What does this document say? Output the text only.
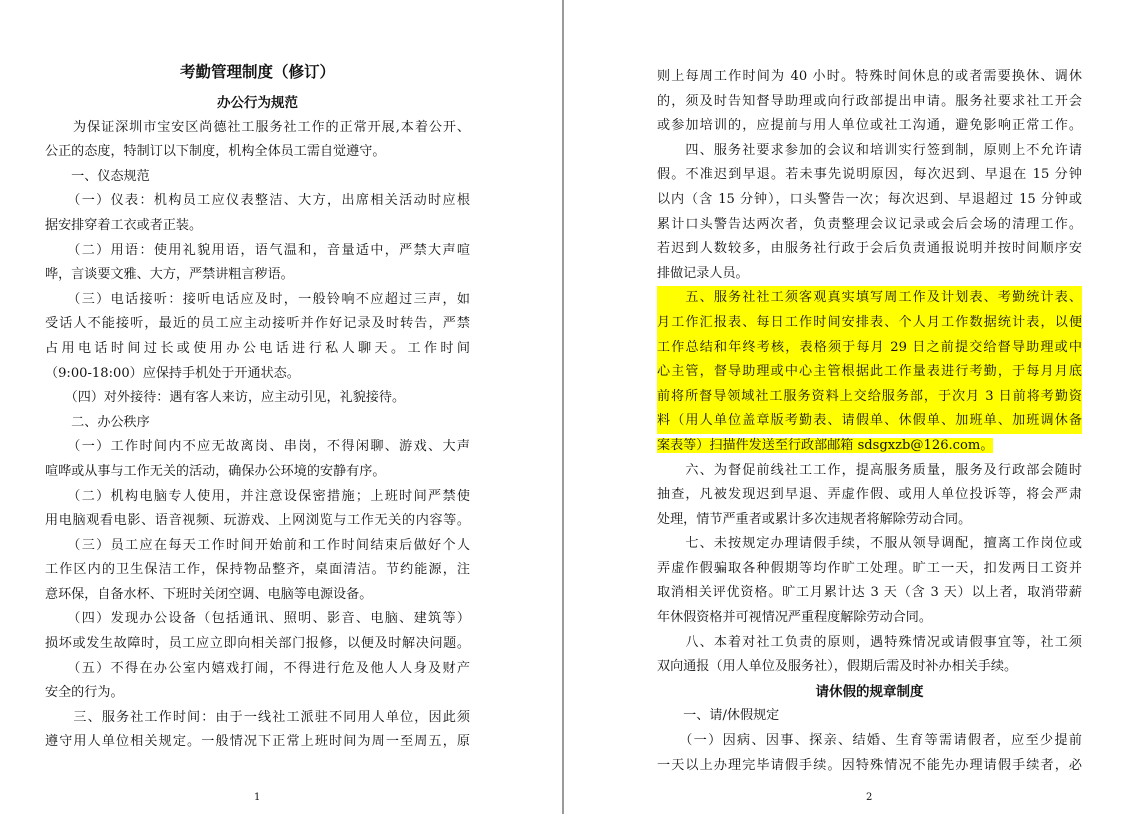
考勤管理制度（修订）
办公行为规范
　　为保证深圳市宝安区尚德社工服务社工作的正常开展,本着公开、
公正的态度，特制订以下制度，机构全体员工需自觉遵守。
　　一、仪态规范
　　（一）仪表：机构员工应仪表整洁、大方，出席相关活动时应根
据安排穿着工衣或者正装。
　　（二）用语：使用礼貌用语，语气温和，音量适中，严禁大声喧
哗，言谈要文雅、大方，严禁讲粗言秽语。
　　（三）电话接听：接听电话应及时，一般铃响不应超过三声，如
受话人不能接听，最近的员工应主动接听并作好记录及时转告，严禁
占用电话时间过长或使用办公电话进行私人聊天。工作时间
（9:00-18:00）应保持手机处于开通状态。
　　（四）对外接待：遇有客人来访，应主动引见，礼貌接待。
　　二、办公秩序
　　（一）工作时间内不应无故离岗、串岗，不得闲聊、游戏、大声
喧哗或从事与工作无关的活动，确保办公环境的安静有序。
　　（二）机构电脑专人使用，并注意设保密措施；上班时间严禁使
用电脑观看电影、语音视频、玩游戏、上网浏览与工作无关的内容等。
　　（三）员工应在每天工作时间开始前和工作时间结束后做好个人
工作区内的卫生保洁工作，保持物品整齐，桌面清洁。节约能源，注
意环保，自备水杯、下班时关闭空调、电脑等电源设备。
　　（四）发现办公设备（包括通讯、照明、影音、电脑、建筑等）
损坏或发生故障时，员工应立即向相关部门报修，以便及时解决问题。
　　（五）不得在办公室内嬉戏打闹，不得进行危及他人人身及财产
安全的行为。
　　三、服务社工作时间：由于一线社工派驻不同用人单位，因此须
遵守用人单位相关规定。一般情况下正常上班时间为周一至周五，原
1
则上每周工作时间为 40 小时。特殊时间休息的或者需要换休、调休
的，须及时告知督导助理或向行政部提出申请。服务社要求社工开会
或参加培训的，应提前与用人单位或社工沟通，避免影响正常工作。
　　四、服务社要求参加的会议和培训实行签到制，原则上不允许请
假。不准迟到早退。若未事先说明原因，每次迟到、早退在 15 分钟
以内（含 15 分钟），口头警告一次；每次迟到、早退超过 15 分钟或
累计口头警告达两次者，负责整理会议记录或会后会场的清理工作。
若迟到人数较多，由服务社行政于会后负责通报说明并按时间顺序安
排做记录人员。
　　五、服务社社工须客观真实填写周工作及计划表、考勤统计表、
月工作汇报表、每日工作时间安排表、个人月工作数据统计表，以便
工作总结和年终考核，表格须于每月 29 日之前提交给督导助理或中
心主管，督导助理或中心主管根据此工作量表进行考勤，于每月月底
前将所督导领域社工服务资料上交给服务部，于次月 3 日前将考勤资
料（用人单位盖章版考勤表、请假单、休假单、加班单、加班调休备
案表等）扫描件发送至行政部邮箱 sdsgxzb@126.com。
　　六、为督促前线社工工作，提高服务质量，服务及行政部会随时
抽查，凡被发现迟到早退、弄虚作假、或用人单位投诉等，将会严肃
处理，情节严重者或累计多次违规者将解除劳动合同。
　　七、未按规定办理请假手续，不服从领导调配，擅离工作岗位或
弄虚作假骗取各种假期等均作旷工处理。旷工一天，扣发两日工资并
取消相关评优资格。旷工月累计达 3 天（含 3 天）以上者，取消带薪
年休假资格并可视情况严重程度解除劳动合同。
　　八、本着对社工负责的原则，遇特殊情况或请假事宜等，社工须
双向通报（用人单位及服务社），假期后需及时补办相关手续。
请休假的规章制度
　　一、请/休假规定
　　（一）因病、因事、探亲、结婚、生育等需请假者，应至少提前
一天以上办理完毕请假手续。因特殊情况不能先办理请假手续者，必
2
